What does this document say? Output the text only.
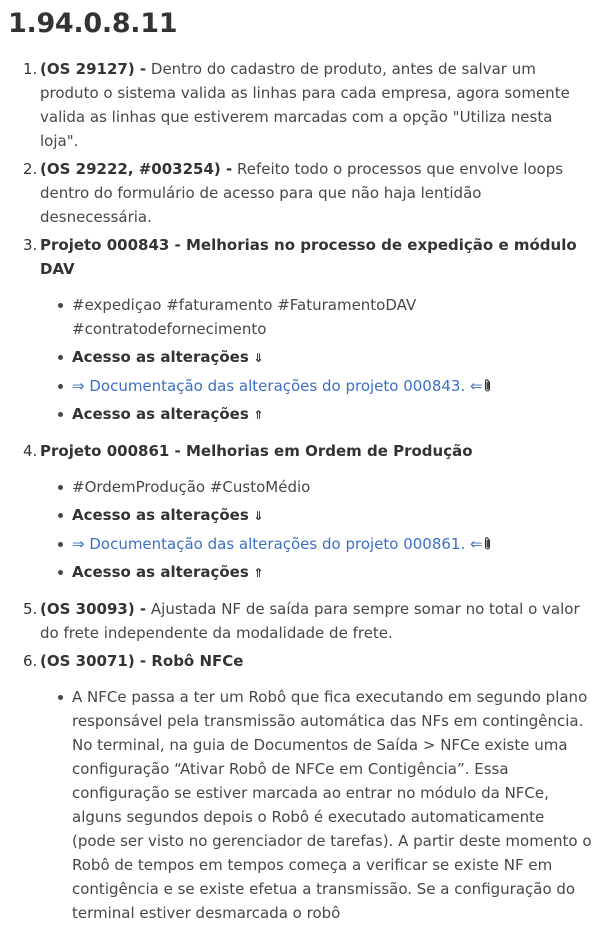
1.94.0.8.11
1. (OS 29127) - Dentro do cadastro de produto, antes de salvar um produto o sistema valida as linhas para cada empresa, agora somente valida as linhas que estiverem marcadas com a opção "Utiliza nesta loja".
2. (OS 29222, #003254) - Refeito todo o processos que envolve loops dentro do formulário de acesso para que não haja lentidão desnecessária.
3. Projeto 000843 - Melhorias no processo de expedição e módulo DAV
#expediçao #faturamento #FaturamentoDAV #contratodefornecimento
Acesso as alterações ⇓
⇒ Documentação das alterações do projeto 000843. ⇐
Acesso as alterações ⇑
4. Projeto 000861 - Melhorias em Ordem de Produção
#OrdemProdução #CustoMédio
Acesso as alterações ⇓
⇒ Documentação das alterações do projeto 000861. ⇐
Acesso as alterações ⇑
5. (OS 30093) - Ajustada NF de saída para sempre somar no total o valor do frete independente da modalidade de frete.
6. (OS 30071) - Robô NFCe
A NFCe passa a ter um Robô que fica executando em segundo plano responsável pela transmissão automática das NFs em contingência. No terminal, na guia de Documentos de Saída > NFCe existe uma configuração “Ativar Robô de NFCe em Contigência”. Essa configuração se estiver marcada ao entrar no módulo da NFCe, alguns segundos depois o Robô é executado automaticamente (pode ser visto no gerenciador de tarefas). A partir deste momento o Robô de tempos em tempos começa a verificar se existe NF em contigência e se existe efetua a transmissão. Se a configuração do terminal estiver desmarcada o robô
